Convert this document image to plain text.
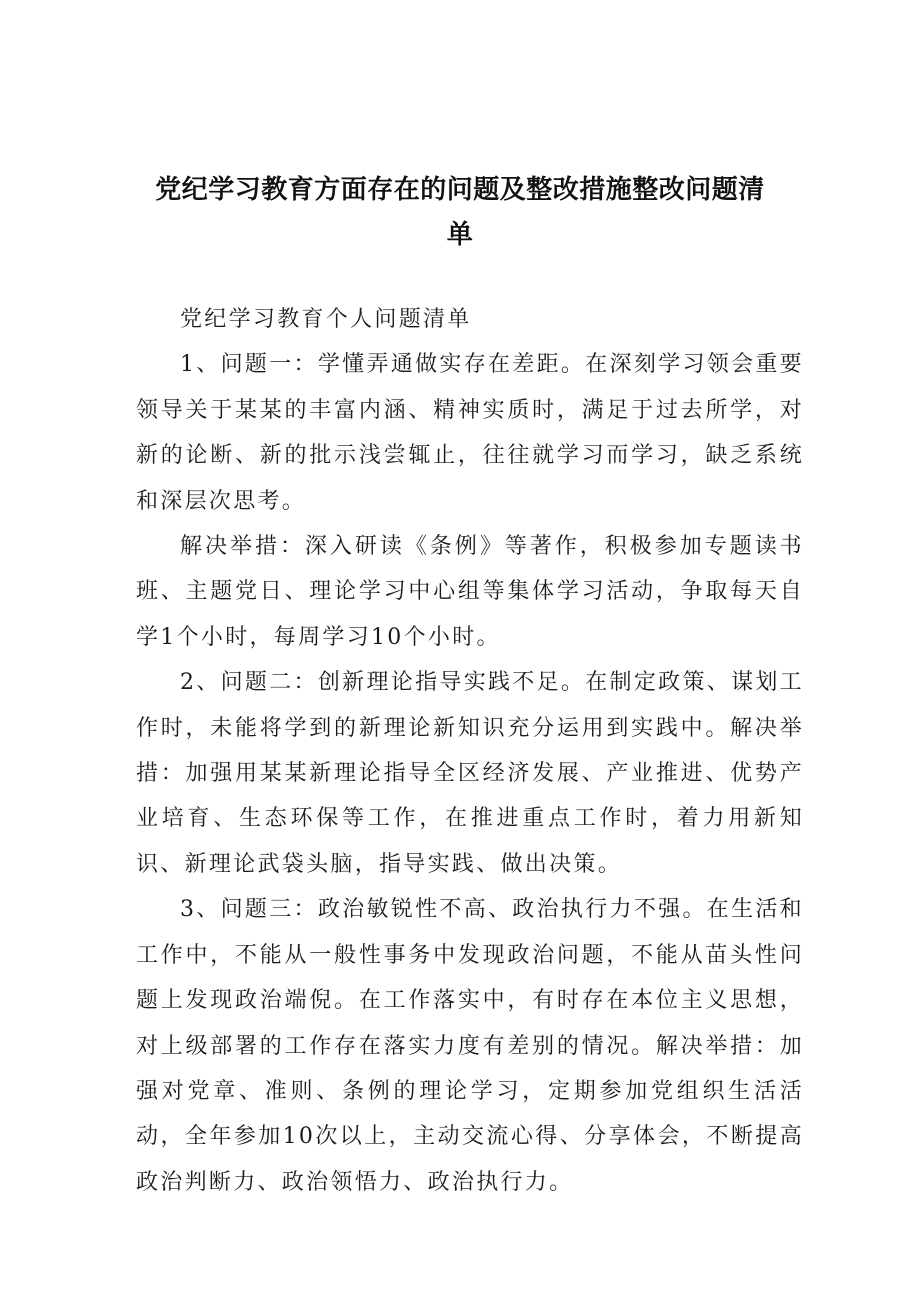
党纪学习教育方面存在的问题及整改措施整改问题清
单

党纪学习教育个人问题清单

1、问题一：学懂弄通做实存在差距。在深刻学习领会重要领导关于某某的丰富内涵、精神实质时，满足于过去所学，对新的论断、新的批示浅尝辄止，往往就学习而学习，缺乏系统和深层次思考。

解决举措：深入研读《条例》等著作，积极参加专题读书班、主题党日、理论学习中心组等集体学习活动，争取每天自学1个小时，每周学习10个小时。

2、问题二：创新理论指导实践不足。在制定政策、谋划工作时，未能将学到的新理论新知识充分运用到实践中。解决举措：加强用某某新理论指导全区经济发展、产业推进、优势产业培育、生态环保等工作，在推进重点工作时，着力用新知识、新理论武袋头脑，指导实践、做出决策。

3、问题三：政治敏锐性不高、政治执行力不强。在生活和工作中，不能从一般性事务中发现政治问题，不能从苗头性问题上发现政治端倪。在工作落实中，有时存在本位主义思想，对上级部署的工作存在落实力度有差别的情况。解决举措：加强对党章、准则、条例的理论学习，定期参加党组织生活活动，全年参加10次以上，主动交流心得、分享体会，不断提高政治判断力、政治领悟力、政治执行力。
